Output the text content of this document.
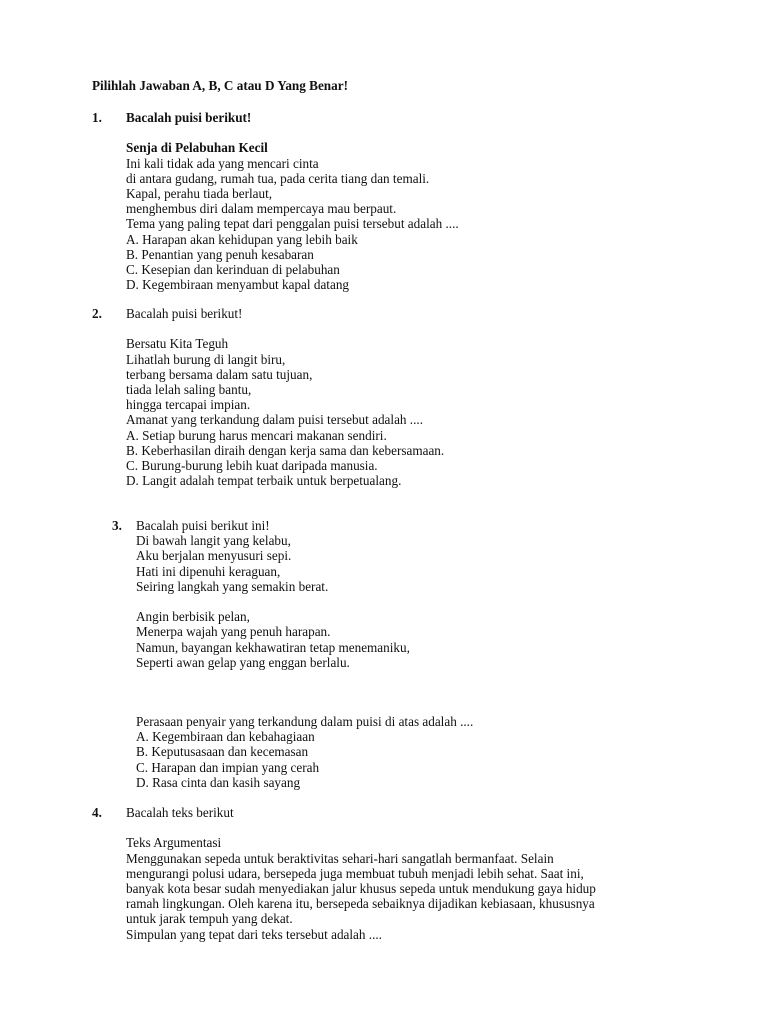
Pilihlah Jawaban A, B, C atau D Yang Benar!
1. Bacalah puisi berikut!

Senja di Pelabuhan Kecil
Ini kali tidak ada yang mencari cinta
di antara gudang, rumah tua, pada cerita tiang dan temali.
Kapal, perahu tiada berlaut,
menghembus diri dalam mempercaya mau berpaut.
Tema yang paling tepat dari penggalan puisi tersebut adalah ....
A. Harapan akan kehidupan yang lebih baik
B. Penantian yang penuh kesabaran
C. Kesepian dan kerinduan di pelabuhan
D. Kegembiraan menyambut kapal datang
2. Bacalah puisi berikut!

Bersatu Kita Teguh
Lihatlah burung di langit biru,
terbang bersama dalam satu tujuan,
tiada lelah saling bantu,
hingga tercapai impian.
Amanat yang terkandung dalam puisi tersebut adalah ....
A. Setiap burung harus mencari makanan sendiri.
B. Keberhasilan diraih dengan kerja sama dan kebersamaan.
C. Burung-burung lebih kuat daripada manusia.
D. Langit adalah tempat terbaik untuk berpetualang.
3. Bacalah puisi berikut ini!
Di bawah langit yang kelabu,
Aku berjalan menyusuri sepi.
Hati ini dipenuhi keraguan,
Seiring langkah yang semakin berat.

Angin berbisik pelan,
Menerpa wajah yang penuh harapan.
Namun, bayangan kekhawatiran tetap menemaniku,
Seperti awan gelap yang enggan berlalu.
Perasaan penyair yang terkandung dalam puisi di atas adalah ....
A. Kegembiraan dan kebahagiaan
B. Keputusasaan dan kecemasan
C. Harapan dan impian yang cerah
D. Rasa cinta dan kasih sayang
4. Bacalah teks berikut

Teks Argumentasi
Menggunakan sepeda untuk beraktivitas sehari-hari sangatlah bermanfaat. Selain
mengurangi polusi udara, bersepeda juga membuat tubuh menjadi lebih sehat. Saat ini,
banyak kota besar sudah menyediakan jalur khusus sepeda untuk mendukung gaya hidup
ramah lingkungan. Oleh karena itu, bersepeda sebaiknya dijadikan kebiasaan, khususnya
untuk jarak tempuh yang dekat.
Simpulan yang tepat dari teks tersebut adalah ....
